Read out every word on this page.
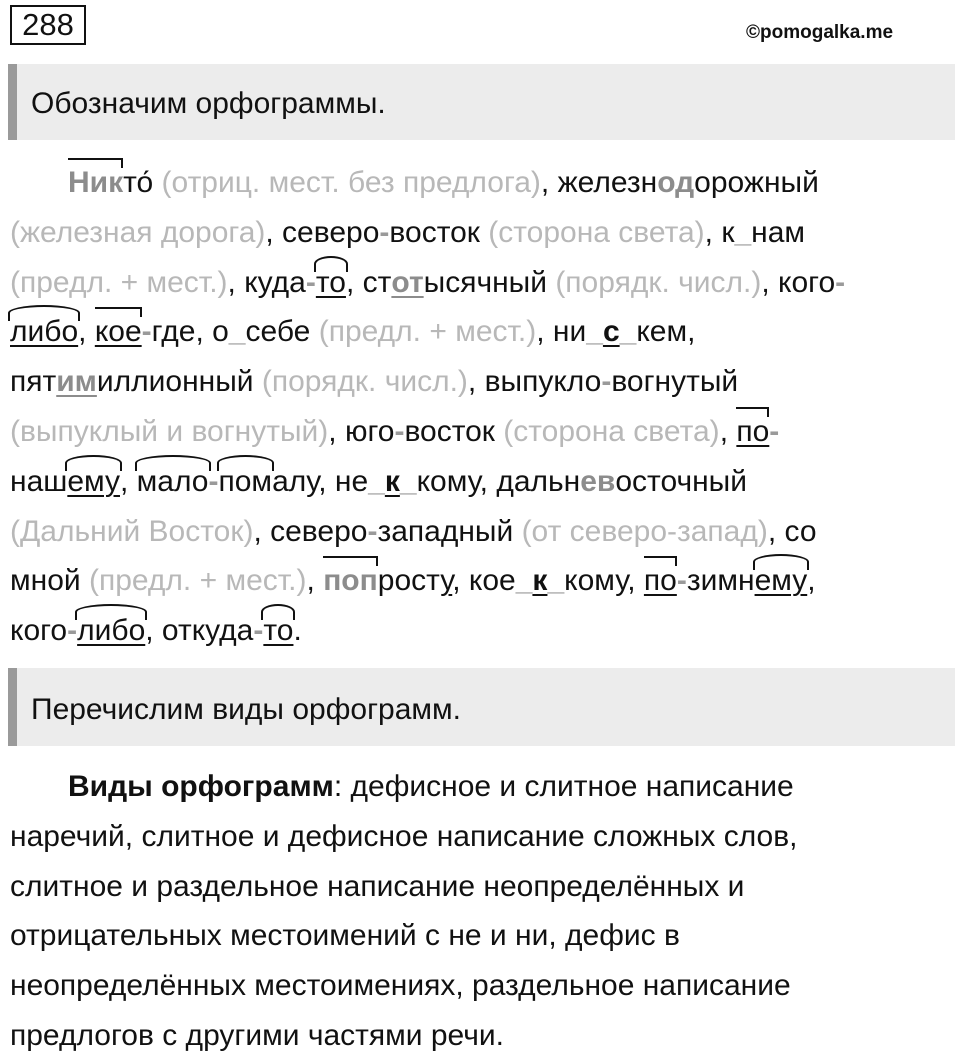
288	©pomogalka.me
Обозначим орфограммы.
Никто́ (отриц. мест. без предлога), железнодорожный
(железная дорога), северо-восток (сторона света), к_нам
(предл. + мест.), куда-то, стотысячный (порядк. числ.), кого-
либо, кое-где, о_себе (предл. + мест.), ни_с_кем,
пятимиллионный (порядк. числ.), выпукло-вогнутый
(выпуклый и вогнутый), юго-восток (сторона света), по-
нашему, мало-помалу, не_к_кому, дальневосточный
(Дальний Восток), северо-западный (от северо-запад), со
мной (предл. + мест.), попросту, кое_к_кому, по-зимнему,
кого-либо, откуда-то.
Перечислим виды орфограмм.
Виды орфограмм: дефисное и слитное написание
наречий, слитное и дефисное написание сложных слов,
слитное и раздельное написание неопределённых и
отрицательных местоимений с не и ни, дефис в
неопределённых местоимениях, раздельное написание
предлогов с другими частями речи.
